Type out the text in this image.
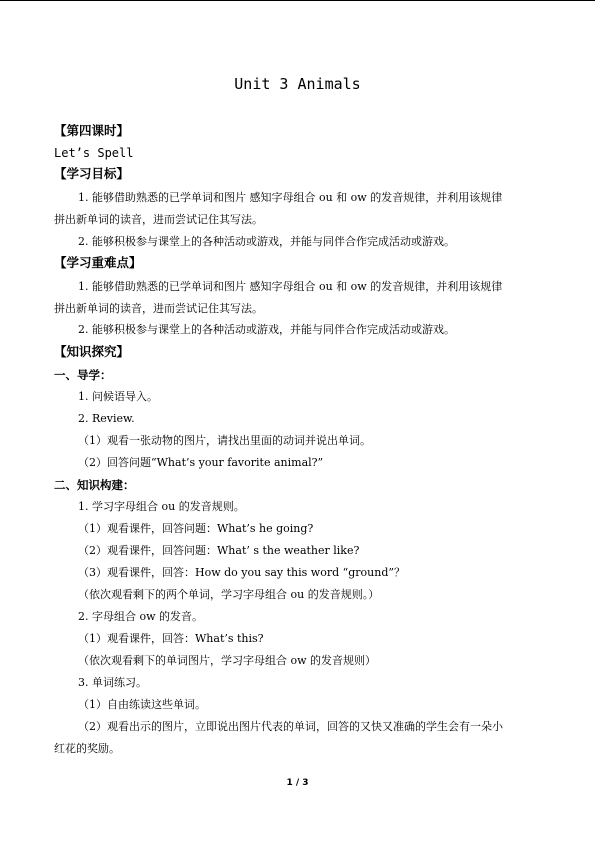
Unit 3 Animals
【第四课时】
Let’s Spell
【学习目标】
1. 能够借助熟悉的已学单词和图片 感知字母组合 ou 和 ow 的发音规律，并利用该规律
拼出新单词的读音，进而尝试记住其写法。
2. 能够积极参与课堂上的各种活动或游戏，并能与同伴合作完成活动或游戏。
【学习重难点】
1. 能够借助熟悉的已学单词和图片 感知字母组合 ou 和 ow 的发音规律，并利用该规律
拼出新单词的读音，进而尝试记住其写法。
2. 能够积极参与课堂上的各种活动或游戏，并能与同伴合作完成活动或游戏。
【知识探究】
一、导学：
1. 问候语导入。
2. Review.
（1）观看一张动物的图片，请找出里面的动词并说出单词。
（2）回答问题“What’s your favorite animal?”
二、知识构建：
1. 学习字母组合 ou 的发音规则。
（1）观看课件，回答问题：What’s he going?
（2）观看课件，回答问题：What’ s the weather like?
（3）观看课件，回答：How do you say this word “ground”？
（依次观看剩下的两个单词，学习字母组合 ou 的发音规则。）
2. 字母组合 ow 的发音。
（1）观看课件，回答：What’s this?
（依次观看剩下的单词图片，学习字母组合 ow 的发音规则）
3. 单词练习。
（1）自由练读这些单词。
（2）观看出示的图片，立即说出图片代表的单词，回答的又快又准确的学生会有一朵小
红花的奖励。
1 / 3
